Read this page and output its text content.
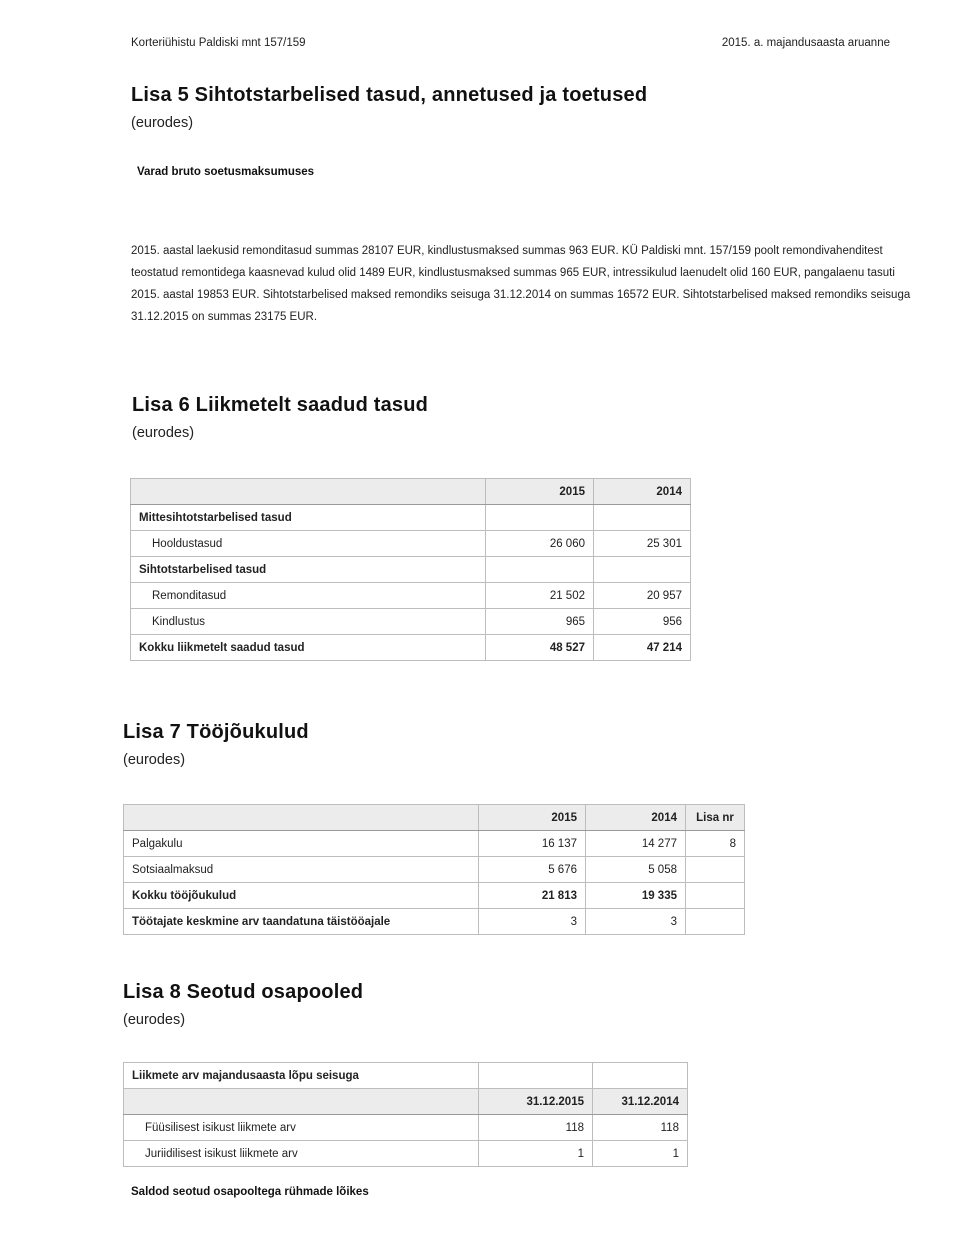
Korteriühistu Paldiski mnt 157/159	2015. a. majandusaasta aruanne
Lisa 5 Sihtotstarbelised tasud, annetused ja toetused
(eurodes)
Varad bruto soetusmaksumuses
2015. aastal laekusid remonditasud summas 28107 EUR, kindlustusmaksed summas 963 EUR. KÜ Paldiski mnt. 157/159 poolt remondivahenditest teostatud remontidega kaasnevad kulud olid 1489 EUR, kindlustusmaksed summas 965 EUR, intressikulud laenudelt olid 160 EUR, pangalaenu tasuti 2015. aastal 19853 EUR. Sihtotstarbelised maksed remondiks seisuga 31.12.2014 on summas 16572 EUR. Sihtotstarbelised maksed remondiks seisuga 31.12.2015 on summas 23175 EUR.
Lisa 6 Liikmetelt saadud tasud
(eurodes)
	2015	2014
Mittesihtotstarbelised tasud		
Hooldustasud	26 060	25 301
Sihtotstarbelised tasud		
Remonditasud	21 502	20 957
Kindlustus	965	956
Kokku liikmetelt saadud tasud	48 527	47 214
Lisa 7 Tööjõukulud
(eurodes)
	2015	2014	Lisa nr
Palgakulu	16 137	14 277	8
Sotsiaalmaksud	5 676	5 058	
Kokku tööjõukulud	21 813	19 335	
Töötajate keskmine arv taandatuna täistööajale	3	3	
Lisa 8 Seotud osapooled
(eurodes)
Liikmete arv majandusaasta lõpu seisuga		
	31.12.2015	31.12.2014
Füüsilisest isikust liikmete arv	118	118
Juriidilisest isikust liikmete arv	1	1
Saldod seotud osapooltega rühmade lõikes
